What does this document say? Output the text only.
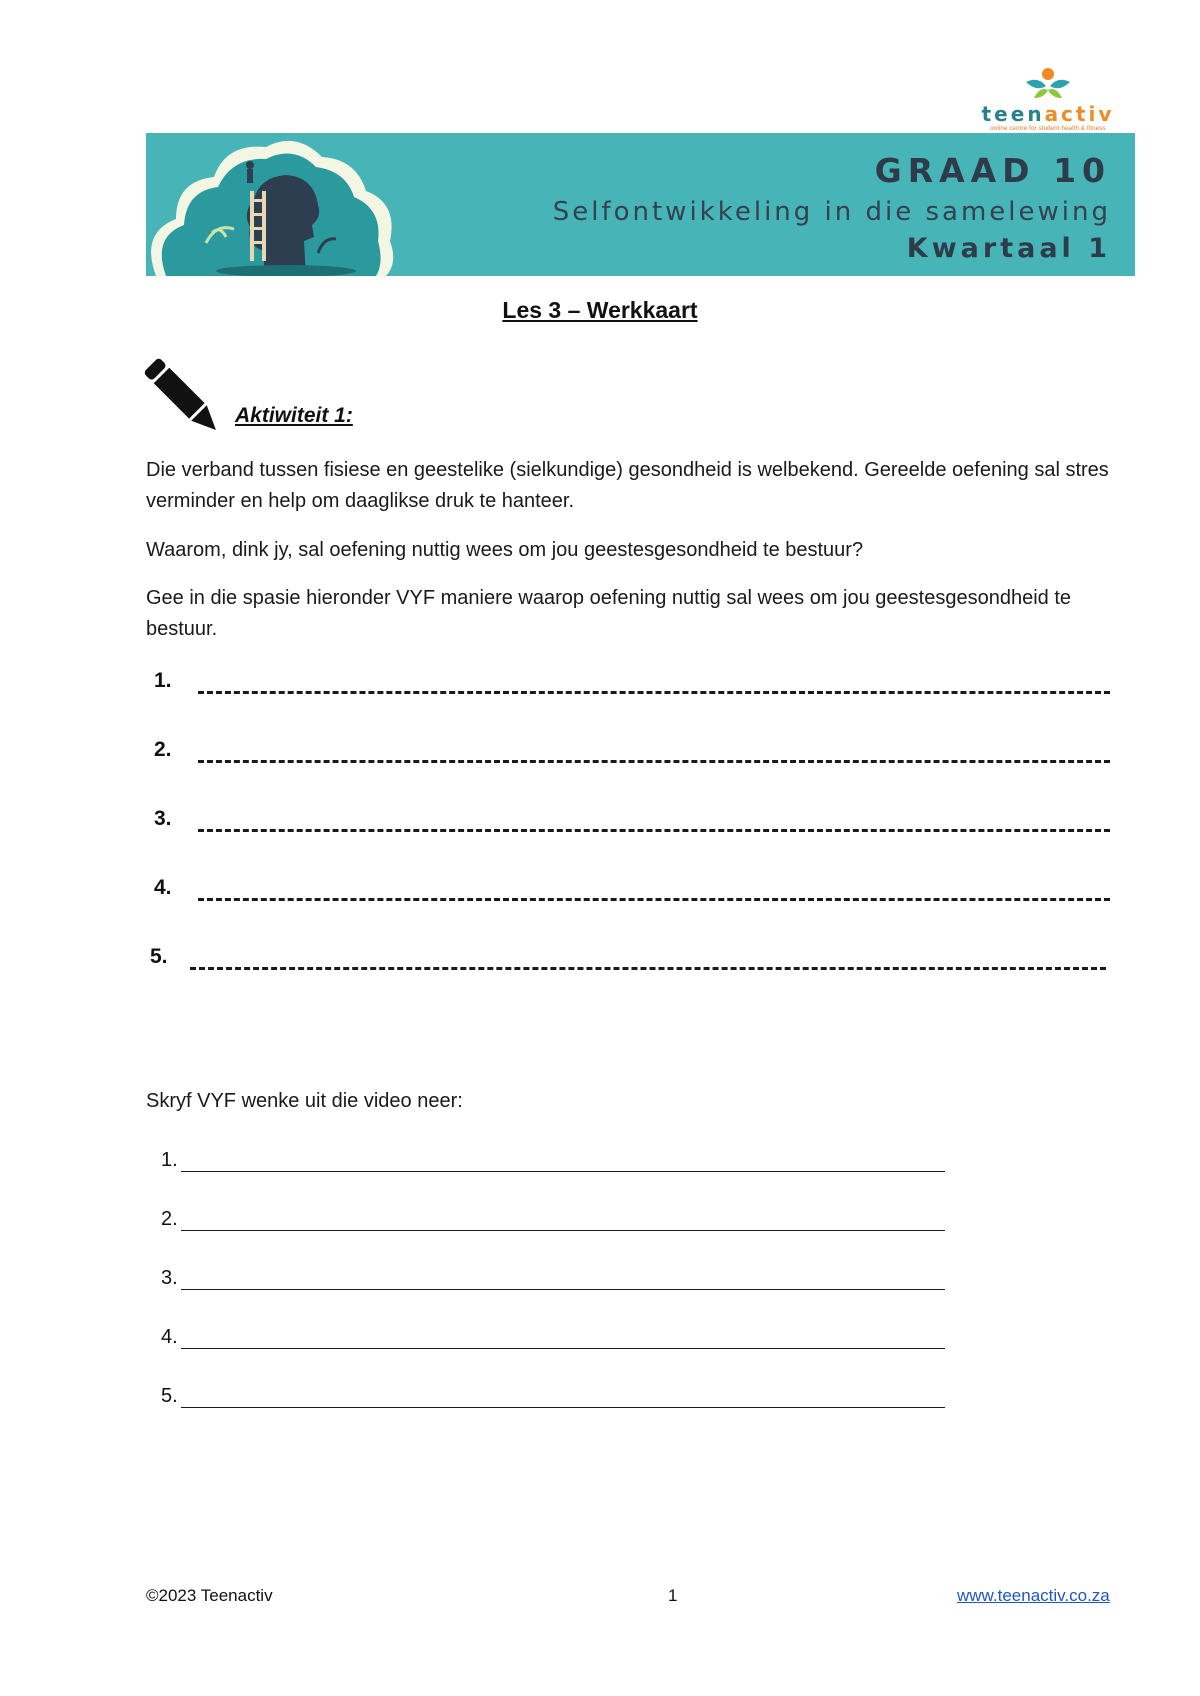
teenactiv
online centre for student health & fitness
GRAAD 10
Selfontwikkeling in die samelewing
Kwartaal 1
Les 3 – Werkkaart
Aktiwiteit 1:
Die verband tussen fisiese en geestelike (sielkundige) gesondheid is welbekend. Gereelde oefening sal stres verminder en help om daaglikse druk te hanteer.
Waarom, dink jy, sal oefening nuttig wees om jou geestesgesondheid te bestuur?
Gee in die spasie hieronder VYF maniere waarop oefening nuttig sal wees om jou geestesgesondheid te bestuur.
1.
2.
3.
4.
5.
Skryf VYF wenke uit die video neer:
1.
2.
3.
4.
5.
©2023 Teenactiv	1	www.teenactiv.co.za
